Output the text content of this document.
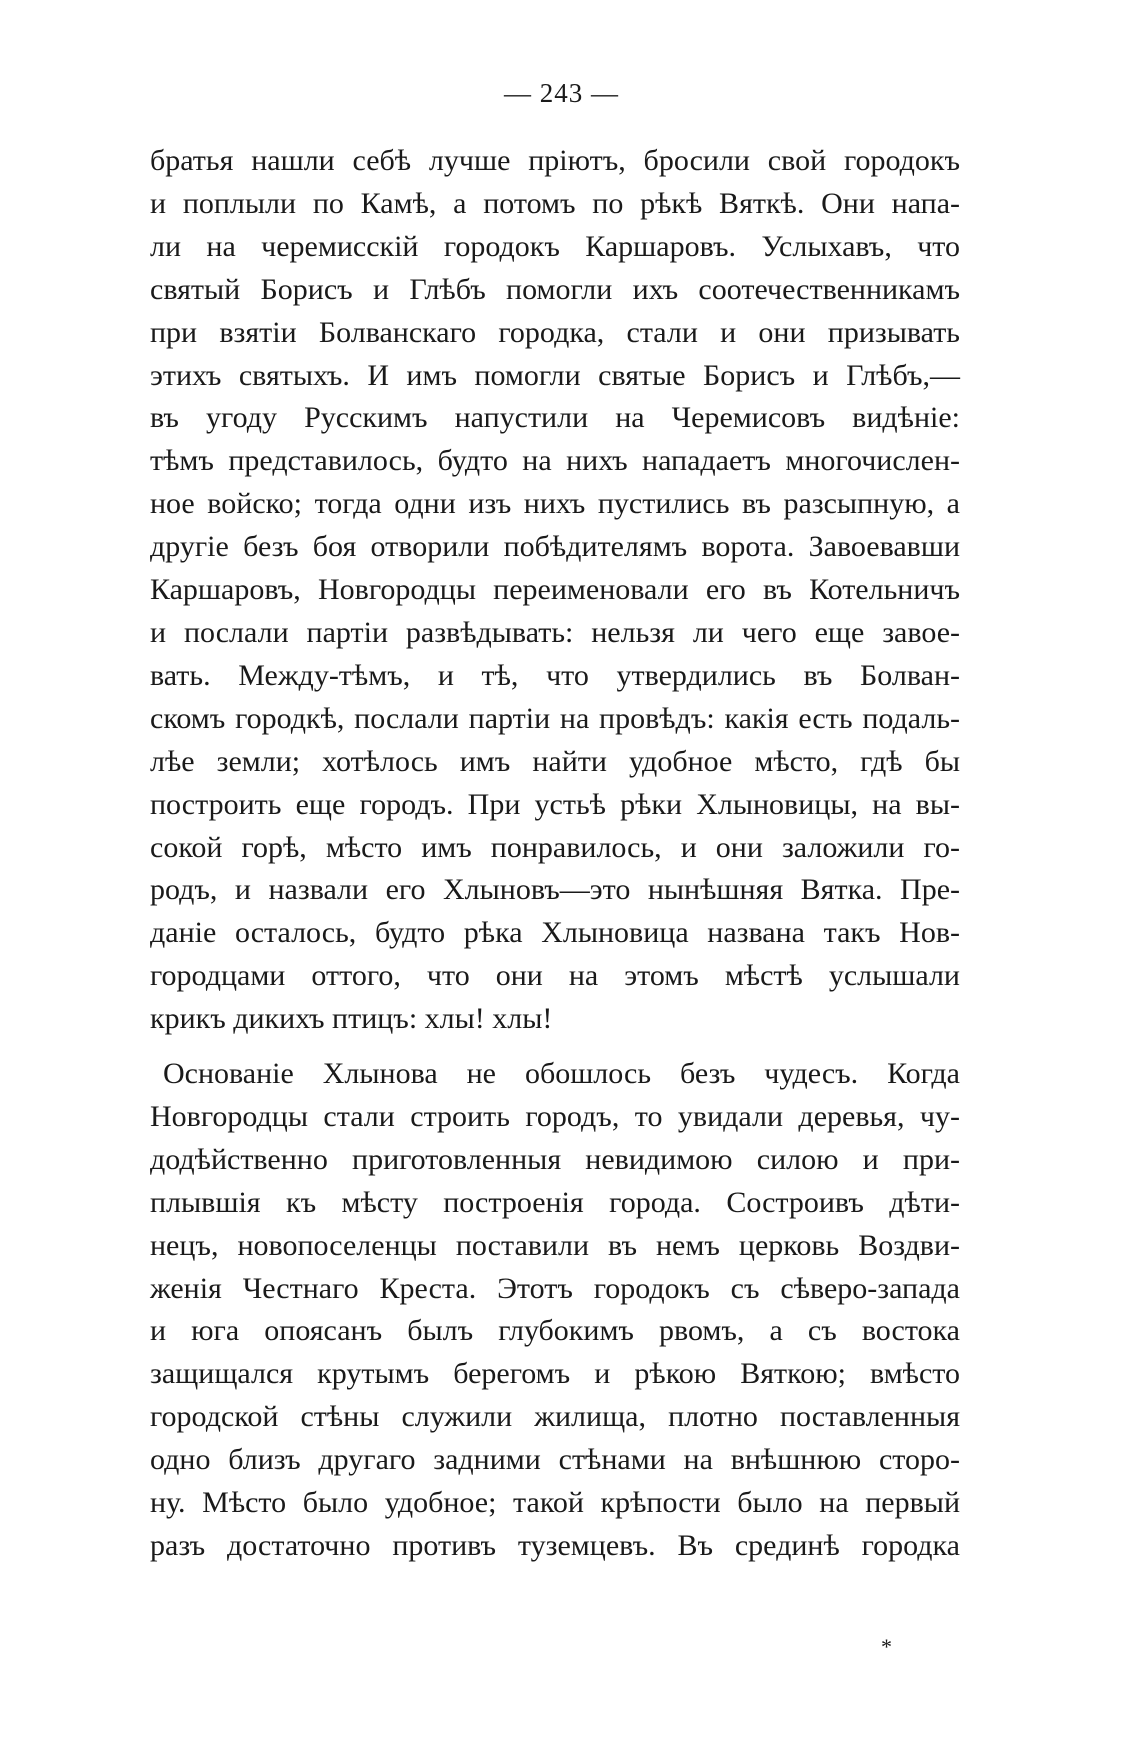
— 243 —
братья нашли себѣ лучше пріютъ, бросили свой городокъ
и поплыли по Камѣ, а потомъ по рѣкѣ Вяткѣ. Они напа-
ли на черемисскій городокъ Каршаровъ. Услыхавъ, что
святый Борисъ и Глѣбъ помогли ихъ соотечественникамъ
при взятіи Болванскаго городка, стали и они призывать
этихъ святыхъ. И имъ помогли святые Борисъ и Глѣбъ,—
въ угоду Русскимъ напустили на Черемисовъ видѣніе:
тѣмъ представилось, будто на нихъ нападаетъ многочислен-
ное войско; тогда одни изъ нихъ пустились въ разсыпную, а
другіе безъ боя отворили побѣдителямъ ворота. Завоевавши
Каршаровъ, Новгородцы переименовали его въ Котельничъ
и послали партіи развѣдывать: нельзя ли чего еще завое-
вать. Между-тѣмъ, и тѣ, что утвердились въ Болван-
скомъ городкѣ, послали партіи на провѣдъ: какія есть подаль-
лѣе земли; хотѣлось имъ найти удобное мѣсто, гдѣ бы
построить еще городъ. При устьѣ рѣки Хлыновицы, на вы-
сокой горѣ, мѣсто имъ понравилось, и они заложили го-
родъ, и назвали его Хлыновъ—это нынѣшняя Вятка. Пре-
даніе осталось, будто рѣка Хлыновица названа такъ Нов-
городцами оттого, что они на этомъ мѣстѣ услышали
крикъ дикихъ птицъ: хлы! хлы!
Основаніе Хлынова не обошлось безъ чудесъ. Когда
Новгородцы стали строить городъ, то увидали деревья, чу-
додѣйственно приготовленныя невидимою силою и при-
плывшія къ мѣсту построенія города. Состроивъ дѣти-
нецъ, новопоселенцы поставили въ немъ церковь Воздви-
женія Честнаго Креста. Этотъ городокъ съ сѣверо-запада
и юга опоясанъ былъ глубокимъ рвомъ, а съ востока
защищался крутымъ берегомъ и рѣкою Вяткою; вмѣсто
городской стѣны служили жилища, плотно поставленныя
одно близъ другаго задними стѣнами на внѣшнюю сторо-
ну. Мѣсто было удобное; такой крѣпости было на первый
разъ достаточно противъ туземцевъ. Въ срединѣ городка
*
